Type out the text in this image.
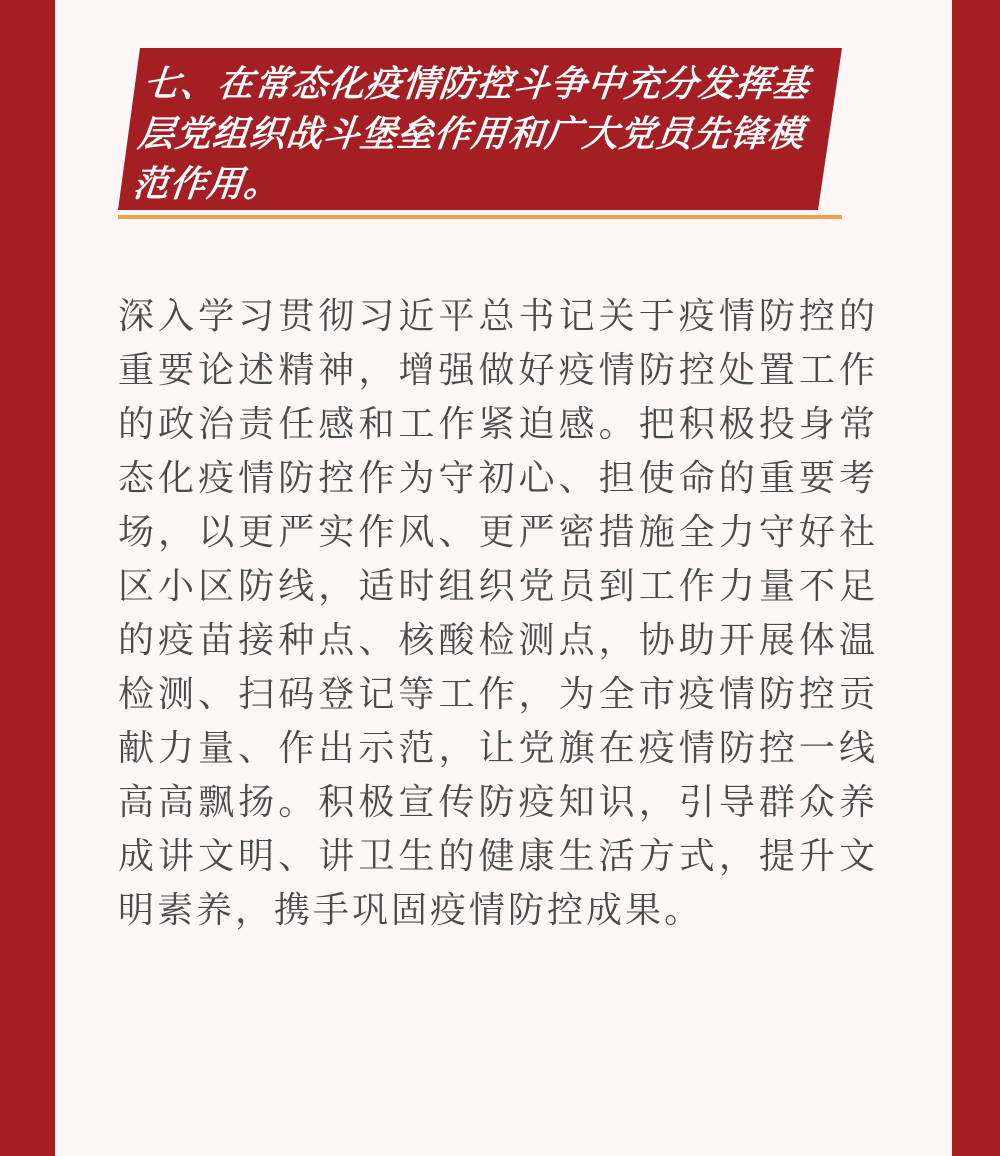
七、在常态化疫情防控斗争中充分发挥基层党组织战斗堡垒作用和广大党员先锋模范作用。

深入学习贯彻习近平总书记关于疫情防控的重要论述精神，增强做好疫情防控处置工作的政治责任感和工作紧迫感。把积极投身常态化疫情防控作为守初心、担使命的重要考场，以更严实作风、更严密措施全力守好社区小区防线，适时组织党员到工作力量不足的疫苗接种点、核酸检测点，协助开展体温检测、扫码登记等工作，为全市疫情防控贡献力量、作出示范，让党旗在疫情防控一线高高飘扬。积极宣传防疫知识，引导群众养成讲文明、讲卫生的健康生活方式，提升文明素养，携手巩固疫情防控成果。
